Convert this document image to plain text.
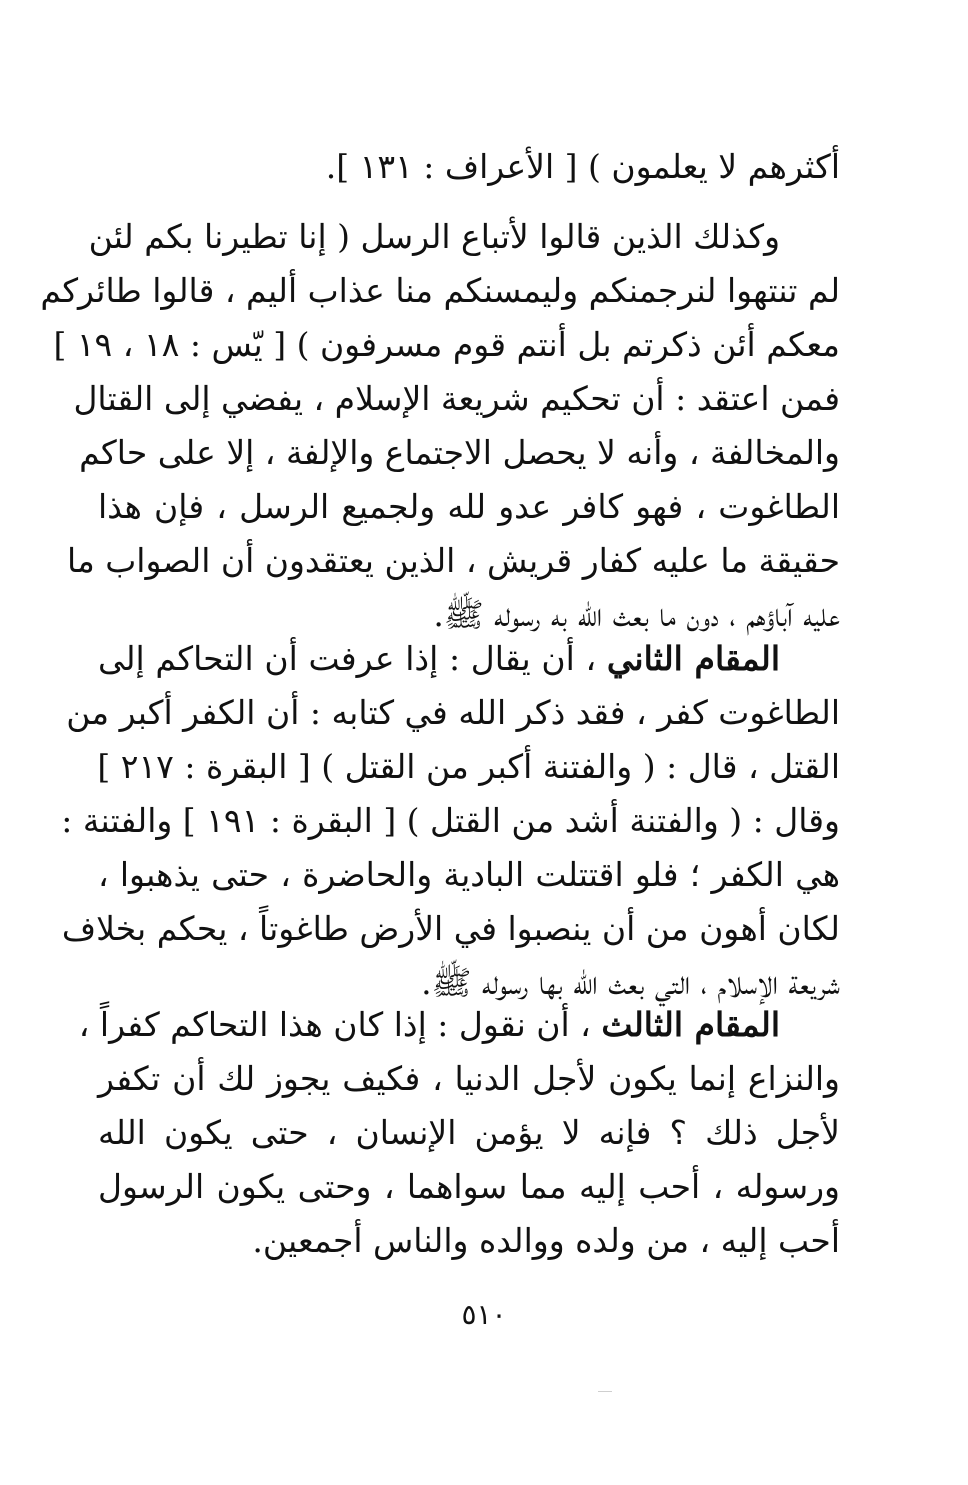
أكثرهم لا يعلمون ) [ الأعراف : ١٣١ ].
وكذلك الذين قالوا لأتباع الرسل ( إنا تطيرنا بكم لئن
لم تنتهوا لنرجمنكم وليمسنكم منا عذاب أليم ، قالوا طائركم
معكم أئن ذكرتم بل أنتم قوم مسرفون ) [ يّس : ١٨ ، ١٩ ]
فمن اعتقد : أن تحكيم شريعة الإسلام ، يفضي إلى القتال
والمخالفة ، وأنه لا يحصل الاجتماع والإلفة ، إلا على حاكم
الطاغوت ، فهو كافر عدو لله ولجميع الرسل ، فإن هذا
حقيقة ما عليه كفار قريش ، الذين يعتقدون أن الصواب ما
عليه آباؤهم ، دون ما بعث الله به رسوله ﷺ.
المقام الثاني ، أن يقال : إذا عرفت أن التحاكم إلى
الطاغوت كفر ، فقد ذكر الله في كتابه : أن الكفر أكبر من
القتل ، قال : ( والفتنة أكبر من القتل ) [ البقرة : ٢١٧ ]
وقال : ( والفتنة أشد من القتل ) [ البقرة : ١٩١ ] والفتنة :
هي الكفر ؛ فلو اقتتلت البادية والحاضرة ، حتى يذهبوا ،
لكان أهون من أن ينصبوا في الأرض طاغوتاً ، يحكم بخلاف
شريعة الإسلام ، التي بعث الله بها رسوله ﷺ.
المقام الثالث ، أن نقول : إذا كان هذا التحاكم كفراً ،
والنزاع إنما يكون لأجل الدنيا ، فكيف يجوز لك أن تكفر
لأجل ذلك ؟ فإنه لا يؤمن الإنسان ، حتى يكون الله
ورسوله ، أحب إليه مما سواهما ، وحتى يكون الرسول
أحب إليه ، من ولده ووالده والناس أجمعين.
٥١٠
